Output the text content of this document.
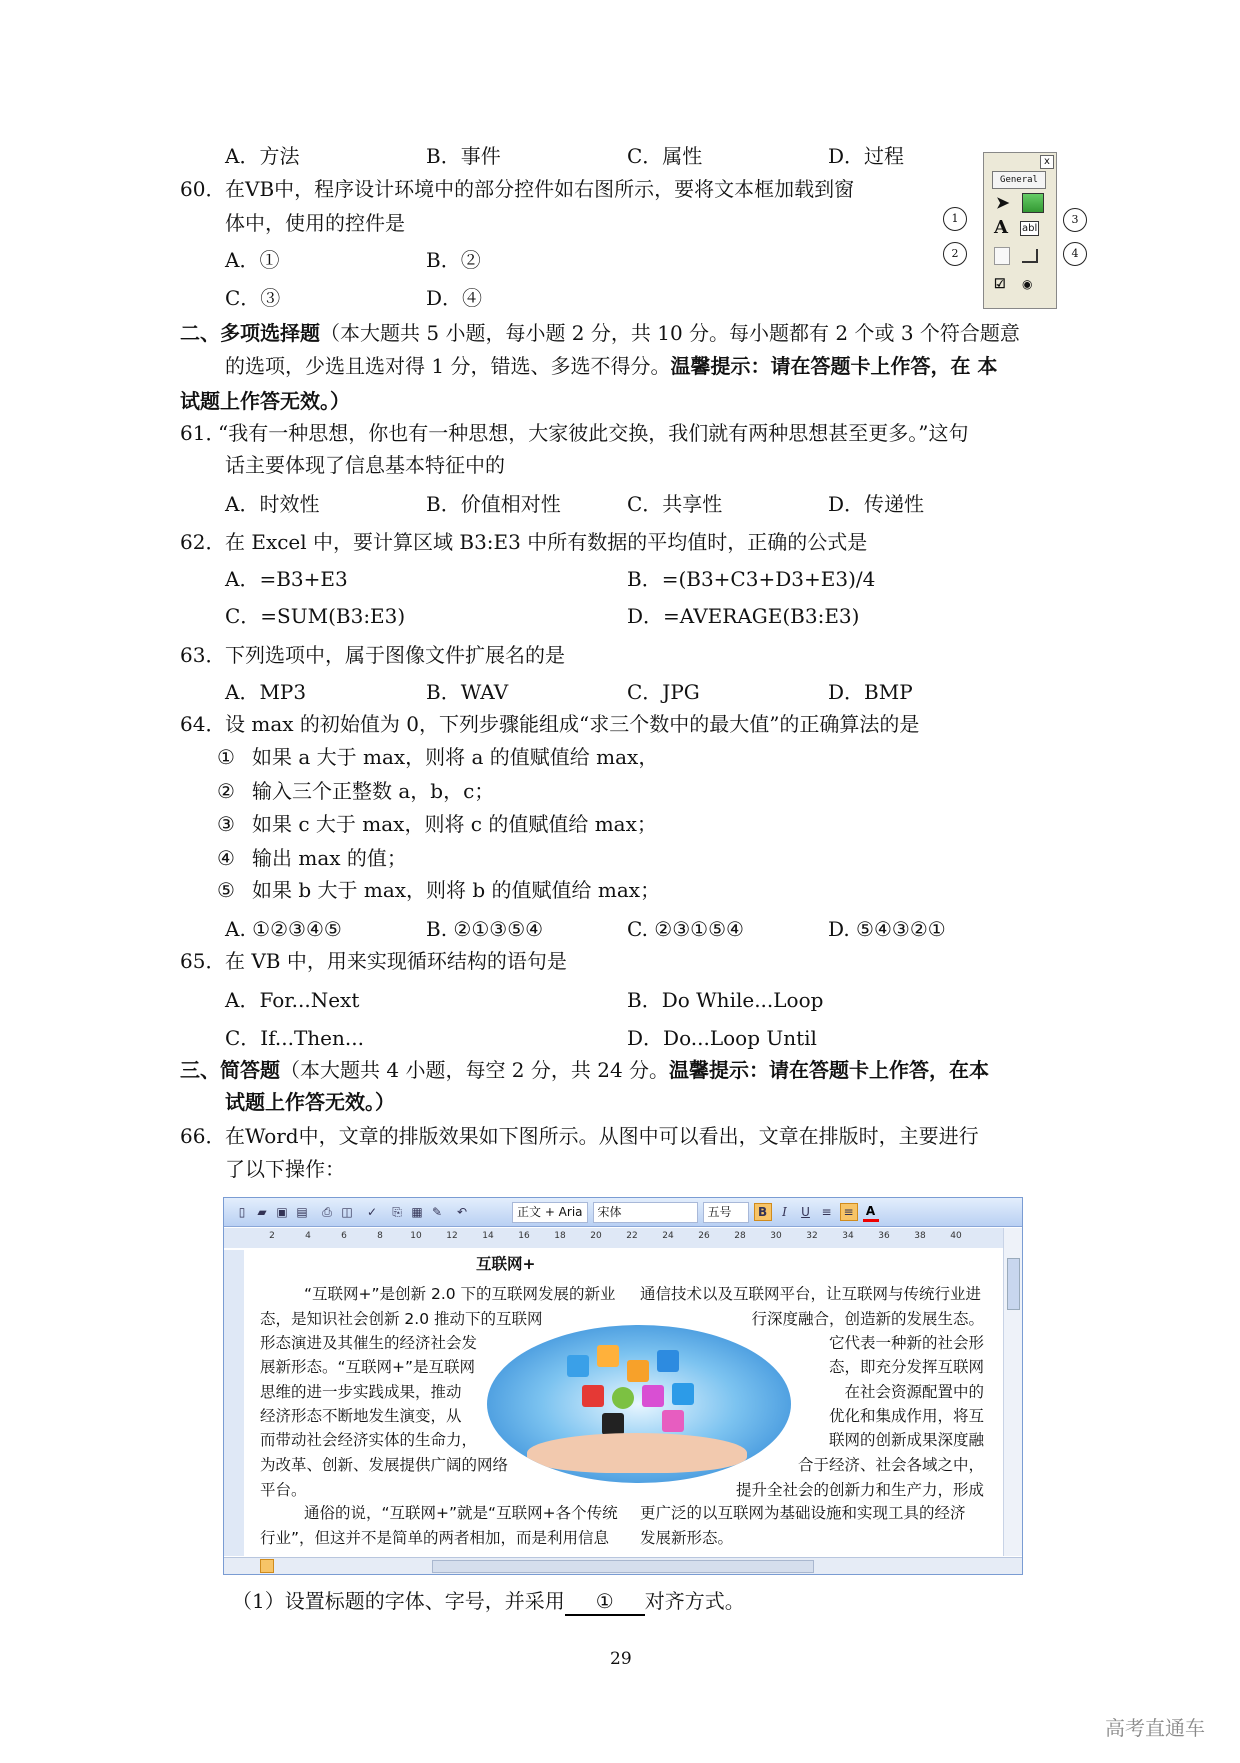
A．方法	B．事件	C．属性	D．过程
60． 在VB中，程序设计环境中的部分控件如右图所示，要将文本框加载到窗
体中，使用的控件是
A．①	B．②
C．③	D．④
x
General
➤
A abl
☑ ◉
1
2
3
4
二、多项选择题（本大题共 5 小题，每小题 2 分，共 10 分。每小题都有 2 个或 3 个符合题意
的选项，少选且选对得 1 分，错选、多选不得分。温馨提示：请在答题卡上作答，在 本
试题上作答无效。）
61．
“我有一种思想，你也有一种思想，大家彼此交换，我们就有两种思想甚至更多。”这句
话主要体现了信息基本特征中的
A．时效性	B．价值相对性	C．共享性	D．传递性
62． 在 Excel 中，要计算区域 B3:E3 中所有数据的平均值时，正确的公式是
A．=B3+E3	B．=(B3+C3+D3+E3)/4
C．=SUM(B3:E3)	D．=AVERAGE(B3:E3)
63． 下列选项中，属于图像文件扩展名的是
A．MP3	B．WAV	C．JPG	D．BMP
64． 设 max 的初始值为 0，下列步骤能组成“求三个数中的最大值”的正确算法的是
① 如果 a 大于 max，则将 a 的值赋值给 max，
② 输入三个正整数 a，b，c；
③ 如果 c 大于 max，则将 c 的值赋值给 max；
④ 输出 max 的值；
⑤ 如果 b 大于 max，则将 b 的值赋值给 max；
A. ①②③④⑤	B. ②①③⑤④	C. ②③①⑤④	D. ⑤④③②①
65． 在 VB 中，用来实现循环结构的语句是
A．For...Next	B．Do While...Loop
C．If...Then...	D．Do...Loop Until
三、简答题（本大题共 4 小题，每空 2 分，共 24 分。温馨提示：请在答题卡上作答，在本
试题上作答无效。）
66． 在Word中，文章的排版效果如下图所示。从图中可以看出，文章在排版时，主要进行
了以下操作：
▯	▰ ▣ ▤ ⎙ ◫ ✓ ⎘ ▦ ✎ ↶	正文 + Aria	宋体	五号	B	I	U ≡ ≡	A
2	4	6	8	10	12	14	16	18	20	22	24	26	28	30	32	34	36	38	40
互联网+
“互联网+”是创新 2.0 下的互联网发展的新业
态，是知识社会创新 2.0 推动下的互联网
形态演进及其催生的经济社会发
展新形态。“互联网+”是互联网
思维的进一步实践成果，推动
经济形态不断地发生演变，从
而带动社会经济实体的生命力，
为改革、创新、发展提供广阔的网络
平台。
通俗的说，“互联网+”就是“互联网+各个传统
行业”，但这并不是简单的两者相加，而是利用信息
通信技术以及互联网平台，让互联网与传统行业进
行深度融合，创造新的发展生态。
它代表一种新的社会形
态，即充分发挥互联网
在社会资源配置中的
优化和集成作用，将互
联网的创新成果深度融
合于经济、社会各域之中，
提升全社会的创新力和生产力，形成
更广泛的以互联网为基础设施和实现工具的经济
发展新形态。
（1）设置标题的字体、字号，并采用 ① 对齐方式。
29
高考直通车
